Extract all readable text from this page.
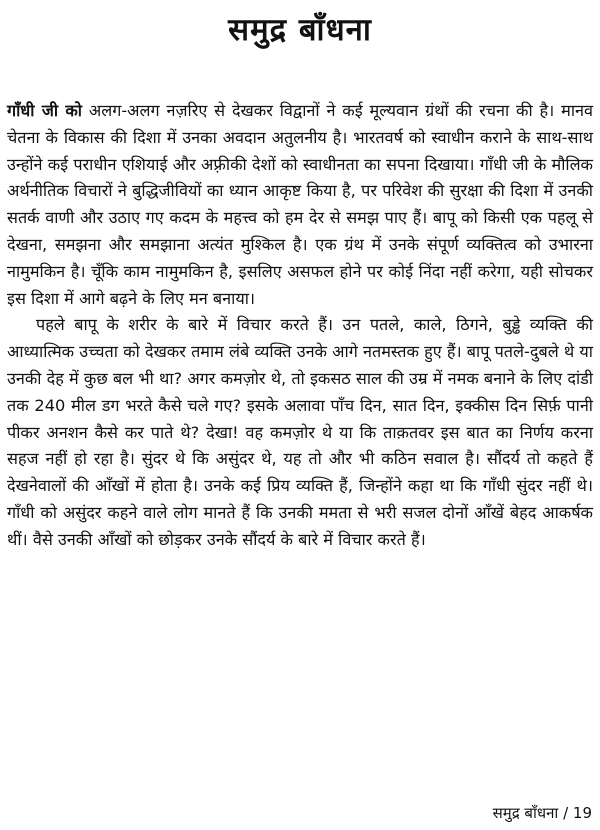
समुद्र बाँधना

गाँधी जी को अलग-अलग नज़रिए से देखकर विद्वानों ने कई मूल्यवान ग्रंथों की रचना की है। मानव चेतना के विकास की दिशा में उनका अवदान अतुलनीय है। भारतवर्ष को स्वाधीन कराने के साथ-साथ उन्होंने कई पराधीन एशियाई और अफ़्रीकी देशों को स्वाधीनता का सपना दिखाया। गाँधी जी के मौलिक अर्थनीतिक विचारों ने बुद्धिजीवियों का ध्यान आकृष्ट किया है, पर परिवेश की सुरक्षा की दिशा में उनकी सतर्क वाणी और उठाए गए कदम के महत्त्व को हम देर से समझ पाए हैं। बापू को किसी एक पहलू से देखना, समझना और समझाना अत्यंत मुश्किल है। एक ग्रंथ में उनके संपूर्ण व्यक्तित्व को उभारना नामुमकिन है। चूँकि काम नामुमकिन है, इसलिए असफल होने पर कोई निंदा नहीं करेगा, यही सोचकर इस दिशा में आगे बढ़ने के लिए मन बनाया।

पहले बापू के शरीर के बारे में विचार करते हैं। उन पतले, काले, ठिगने, बुड्ढे व्यक्ति की आध्यात्मिक उच्चता को देखकर तमाम लंबे व्यक्ति उनके आगे नतमस्तक हुए हैं। बापू पतले-दुबले थे या उनकी देह में कुछ बल भी था? अगर कमज़ोर थे, तो इकसठ साल की उम्र में नमक बनाने के लिए दांडी तक 240 मील डग भरते कैसे चले गए? इसके अलावा पाँच दिन, सात दिन, इक्कीस दिन सिर्फ़ पानी पीकर अनशन कैसे कर पाते थे? देखा! वह कमज़ोर थे या कि ताक़तवर इस बात का निर्णय करना सहज नहीं हो रहा है। सुंदर थे कि असुंदर थे, यह तो और भी कठिन सवाल है। सौंदर्य तो कहते हैं देखनेवालों की आँखों में होता है। उनके कई प्रिय व्यक्ति हैं, जिन्होंने कहा था कि गाँधी सुंदर नहीं थे। गाँधी को असुंदर कहने वाले लोग मानते हैं कि उनकी ममता से भरी सजल दोनों आँखें बेहद आकर्षक थीं। वैसे उनकी आँखों को छोड़कर उनके सौंदर्य के बारे में विचार करते हैं।

समुद्र बाँधना / 19
